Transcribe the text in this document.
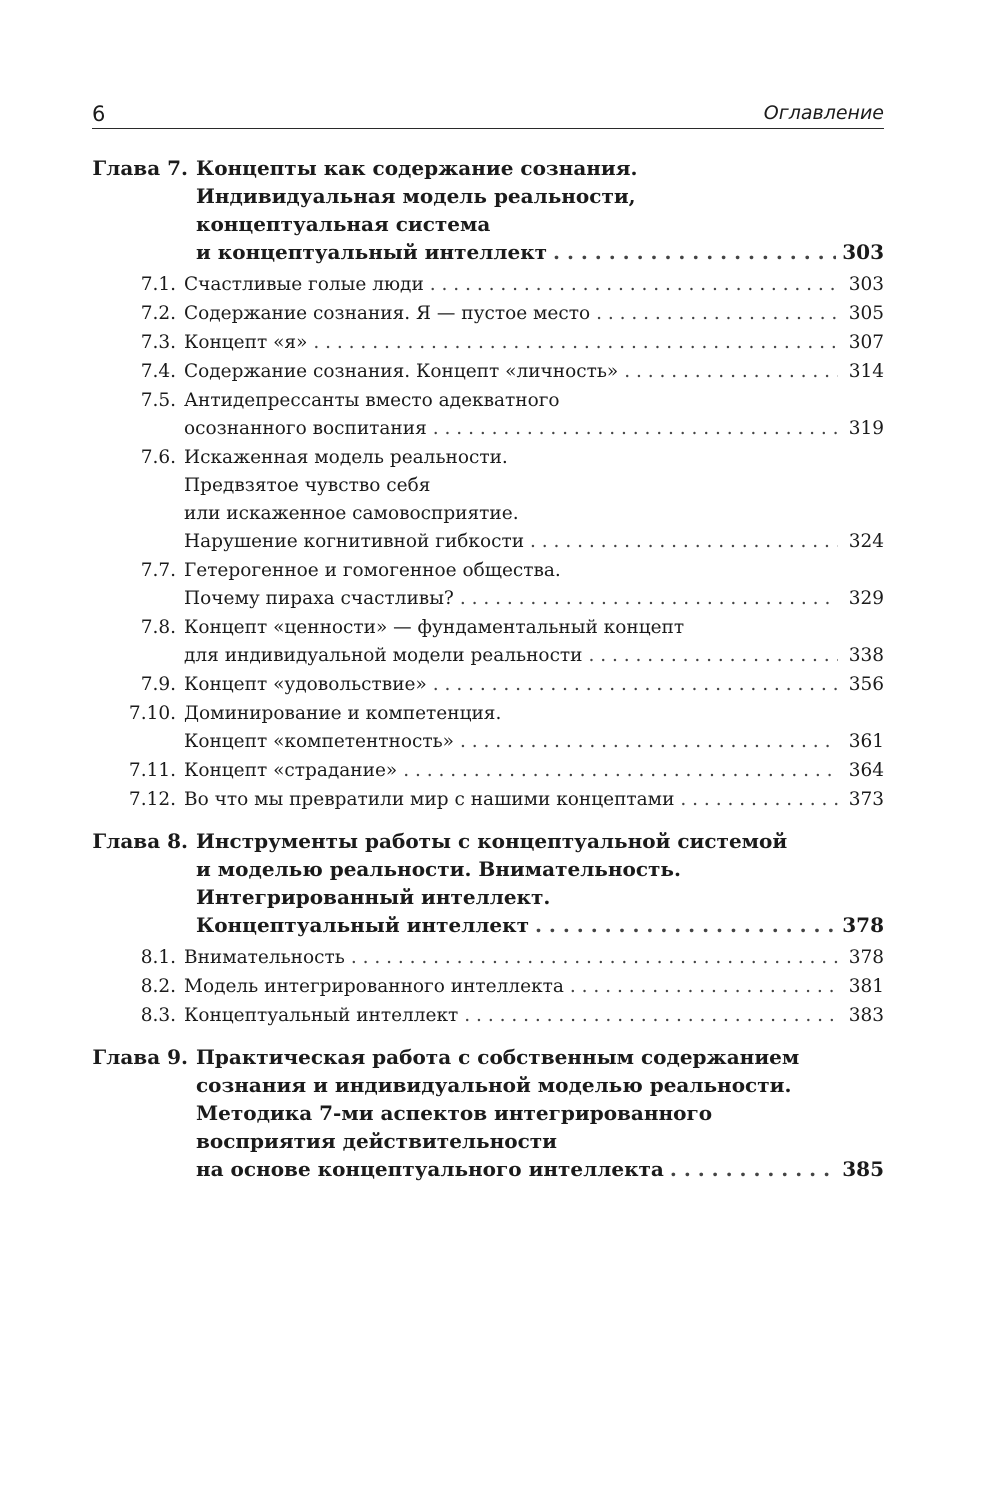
6	Оглавление
Глава 7. Концепты как содержание сознания.
Индивидуальная модель реальности,
концептуальная система
и концептуальный интеллект . . .	303
7.1. Счастливые голые люди . . .	303
7.2. Содержание сознания. Я — пустое место . . .	305
7.3. Концепт «я» . . .	307
7.4. Содержание сознания. Концепт «личность» . . .	314
7.5. Антидепрессанты вместо адекватного
осознанного воспитания . . .	319
7.6. Искаженная модель реальности.
Предвзятое чувство себя
или искаженное самовосприятие.
Нарушение когнитивной гибкости . . .	324
7.7. Гетерогенное и гомогенное общества.
Почему пираха счастливы? . . .	329
7.8. Концепт «ценности» — фундаментальный концепт
для индивидуальной модели реальности . . .	338
7.9. Концепт «удовольствие» . . .	356
7.10. Доминирование и компетенция.
Концепт «компетентность» . . .	361
7.11. Концепт «страдание» . . .	364
7.12. Во что мы превратили мир с нашими концептами . . .	373
Глава 8. Инструменты работы с концептуальной системой
и моделью реальности. Внимательность.
Интегрированный интеллект.
Концептуальный интеллект . . .	378
8.1. Внимательность . . .	378
8.2. Модель интегрированного интеллекта . . .	381
8.3. Концептуальный интеллект . . .	383
Глава 9. Практическая работа с собственным содержанием
сознания и индивидуальной моделью реальности.
Методика 7-ми аспектов интегрированного
восприятия действительности
на основе концептуального интеллекта . . .	385
